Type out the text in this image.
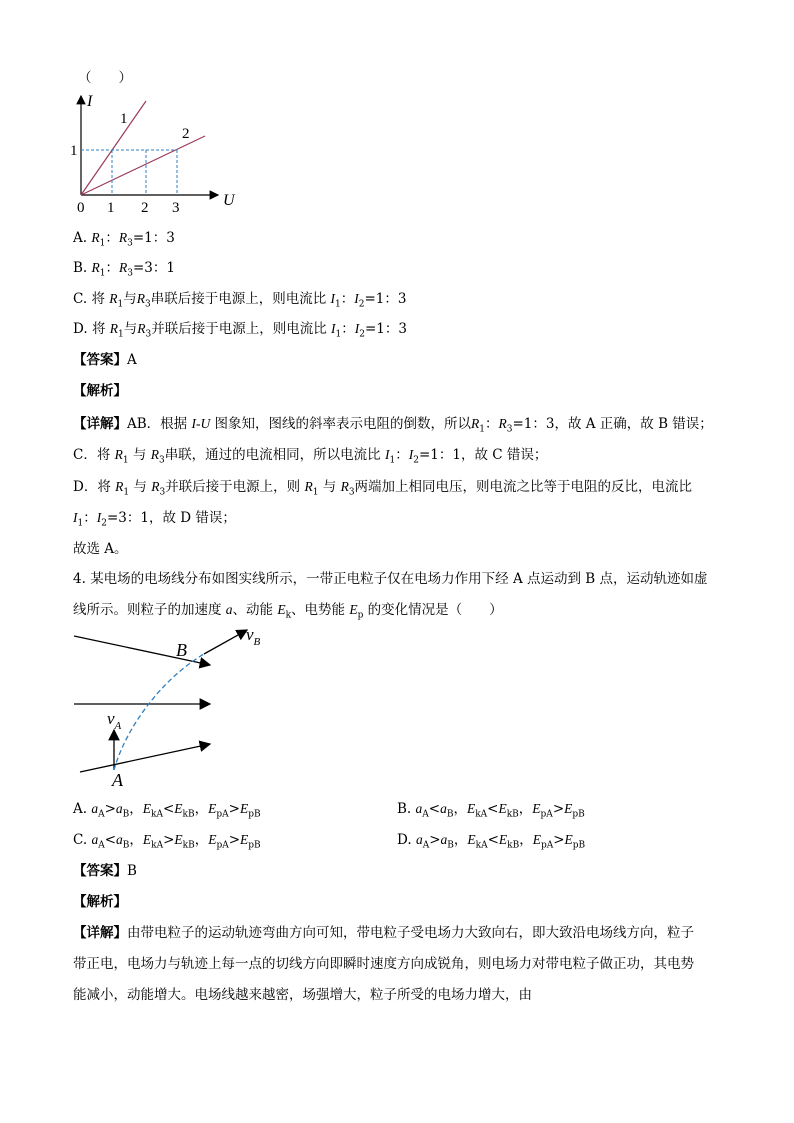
（　　）
I
U
0 1 2 3
1
1
2
A. $R_1$：$R_3=1$：3
B. $R_1$：$R_3=3$：1
C. 将 $R_1$与$R_3$串联后接于电源上，则电流比 $I_1$：$I_2=1$：3
D. 将 $R_1$与$R_3$并联后接于电源上，则电流比 $I_1$：$I_2=1$：3
【答案】A
【解析】
【详解】AB．根据 I-U 图象知，图线的斜率表示电阻的倒数，所以$R_1$：$R_3=1$：3，故 A 正确，故 B 错误；
C．将 $R_1$ 与 $R_3$串联，通过的电流相同，所以电流比 $I_1$：$I_2=1$：1，故 C 错误；
D．将 $R_1$ 与 $R_3$并联后接于电源上，则 $R_1$ 与 $R_3$两端加上相同电压，则电流之比等于电阻的反比，电流比
$I_1$：$I_2=3$：1，故 D 错误；
故选 A。
4. 某电场的电场线分布如图实线所示，一带正电粒子仅在电场力作用下经 A 点运动到 B 点，运动轨迹如虚
线所示。则粒子的加速度 a、动能 $E_k$、电势能 $E_p$ 的变化情况是（　　）
A
B
$v_A$
$v_B$
A. $a_A>a_B$，$E_{kA}<E_{kB}$，$E_{pA}>E_{pB}$	B. $a_A<a_B$，$E_{kA}<E_{kB}$，$E_{pA}>E_{pB}$
C. $a_A<a_B$，$E_{kA}>E_{kB}$，$E_{pA}>E_{pB}$	D. $a_A>a_B$，$E_{kA}<E_{kB}$，$E_{pA}>E_{pB}$
【答案】B
【解析】
【详解】由带电粒子的运动轨迹弯曲方向可知，带电粒子受电场力大致向右，即大致沿电场线方向，粒子
带正电，电场力与轨迹上每一点的切线方向即瞬时速度方向成锐角，则电场力对带电粒子做正功，其电势
能减小，动能增大。电场线越来越密，场强增大，粒子所受的电场力增大，由
